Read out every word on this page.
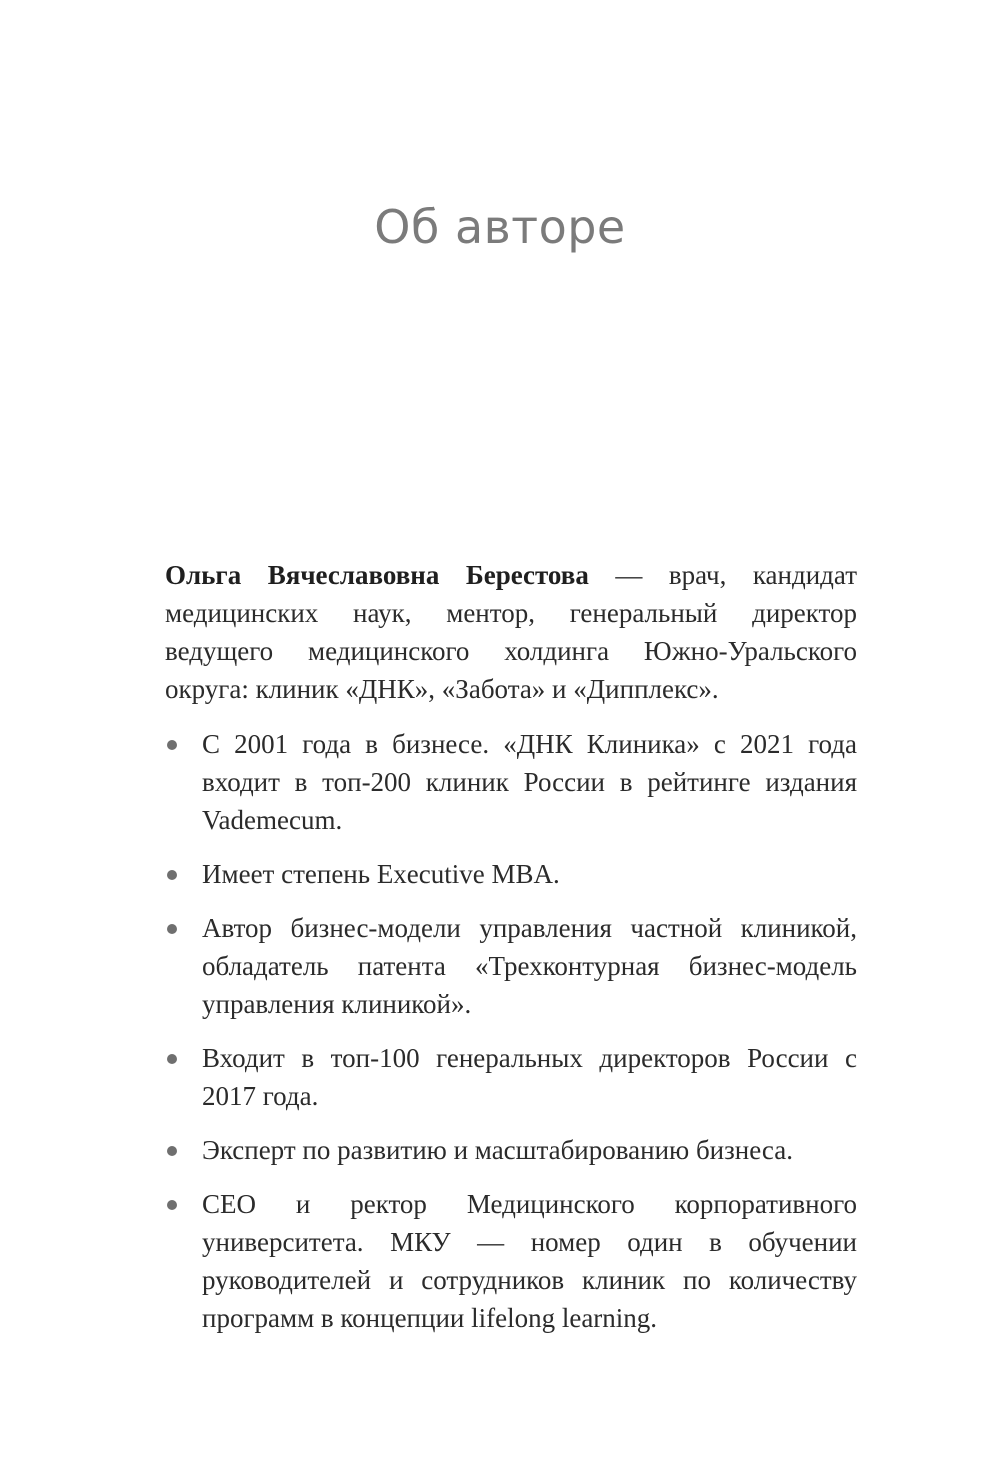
Об авторе

Ольга Вячеславовна Берестова — врач, кандидат медицинских наук, ментор, генеральный директор ведущего медицинского холдинга Южно-Уральского округа: клиник «ДНК», «Забота» и «Дипплекс».

С 2001 года в бизнесе. «ДНК Клиника» с 2021 года входит в топ-200 клиник России в рейтинге издания Vademecum.
Имеет степень Executive MBA.
Автор бизнес-модели управления частной клиникой, обладатель патента «Трехконтурная бизнес-модель управления клиникой».
Входит в топ-100 генеральных директоров России с 2017 года.
Эксперт по развитию и масштабированию бизнеса.
CEO и ректор Медицинского корпоративного университета. МКУ — номер один в обучении руководителей и сотрудников клиник по количеству программ в концепции lifelong learning.
